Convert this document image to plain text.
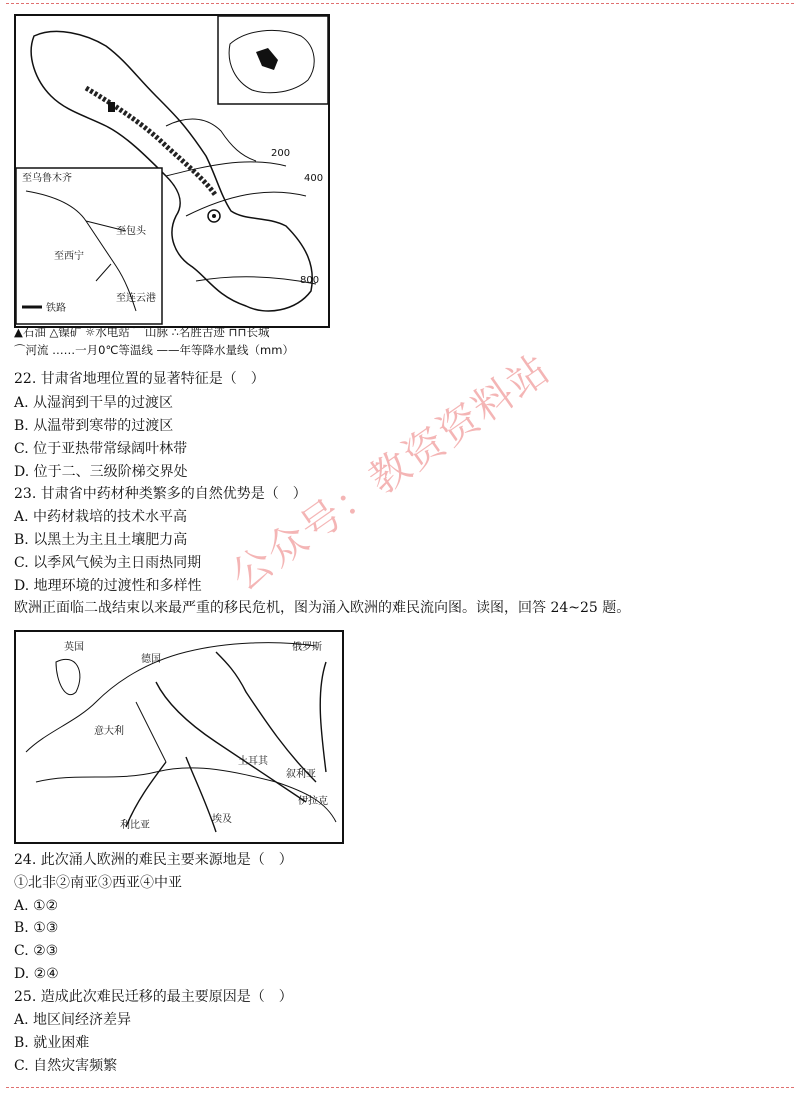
200
400
800
至乌鲁木齐
至包头
至西宁
至连云港
铁路
▲石油 △镍矿 ☼水电站 ⌒山脉 ∴名胜古迹 ⊓⊓长城
⌒河流 ……一月0℃等温线 ——年等降水量线（mm）
22. 甘肃省地理位置的显著特征是（　）
A. 从湿润到干旱的过渡区
B. 从温带到寒带的过渡区
C. 位于亚热带常绿阔叶林带
D. 位于二、三级阶梯交界处
23. 甘肃省中药材种类繁多的自然优势是（　）
A. 中药材栽培的技术水平高
B. 以黑土为主且土壤肥力高
C. 以季风气候为主日雨热同期
D. 地理环境的过渡性和多样性
欧洲正面临二战结束以来最严重的移民危机，图为涌入欧洲的难民流向图。读图，回答 24~25 题。
英国
德国
俄罗斯
意大利
土耳其
叙利亚
伊拉克
利比亚
埃及
24. 此次涌人欧洲的难民主要来源地是（　）
①北非②南亚③西亚④中亚
A. ①②
B. ①③
C. ②③
D. ②④
25. 造成此次难民迁移的最主要原因是（　）
A. 地区间经济差异
B. 就业困难
C. 自然灾害频繁
公众号：教资资料站
